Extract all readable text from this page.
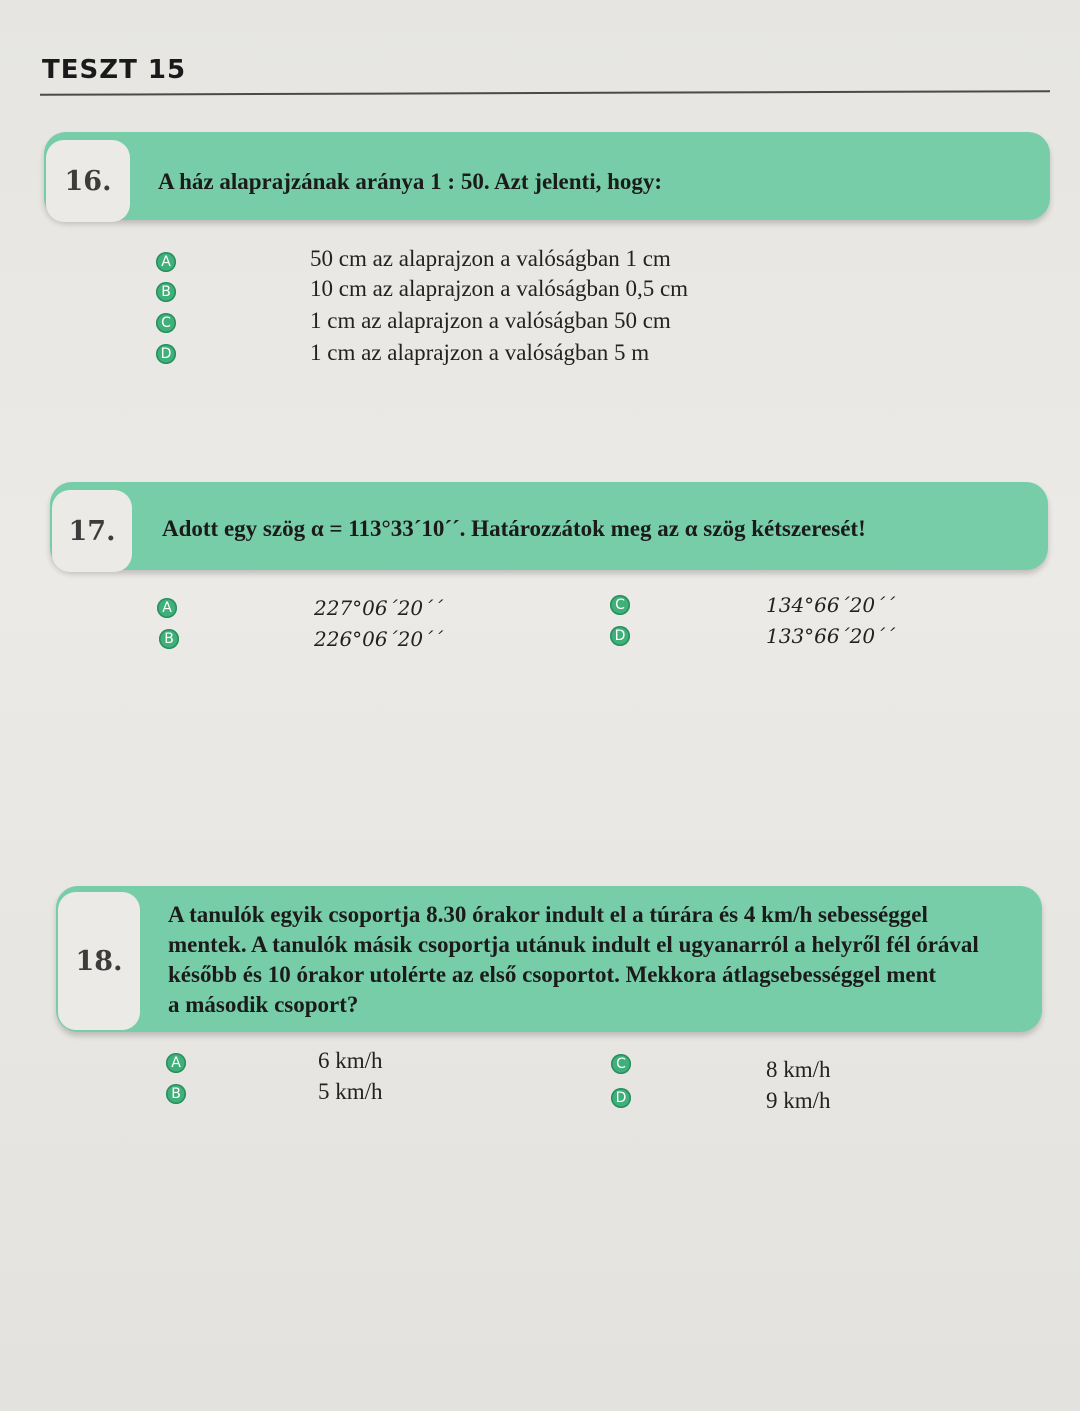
TESZT 15
16.	A ház alaprajzának aránya 1 : 50. Azt jelenti, hogy:
A	50 cm az alaprajzon a valóságban 1 cm
B	10 cm az alaprajzon a valóságban 0,5 cm
C	1 cm az alaprajzon a valóságban 50 cm
D	1 cm az alaprajzon a valóságban 5 m
17.	Adott egy szög α = 113°33´10´´. Határozzátok meg az α szög kétszeresét!
A	227°06´20´´
B	226°06´20´´
C	134°66´20´´
D	133°66´20´´
18.
A tanulók egyik csoportja 8.30 órakor indult el a túrára és 4 km/h sebességgel
mentek. A tanulók másik csoportja utánuk indult el ugyanarról a helyről fél órával
később és 10 órakor utolérte az első csoportot. Mekkora átlagsebességgel ment
a második csoport?
A	6 km/h
B	5 km/h
C	8 km/h
D	9 km/h
